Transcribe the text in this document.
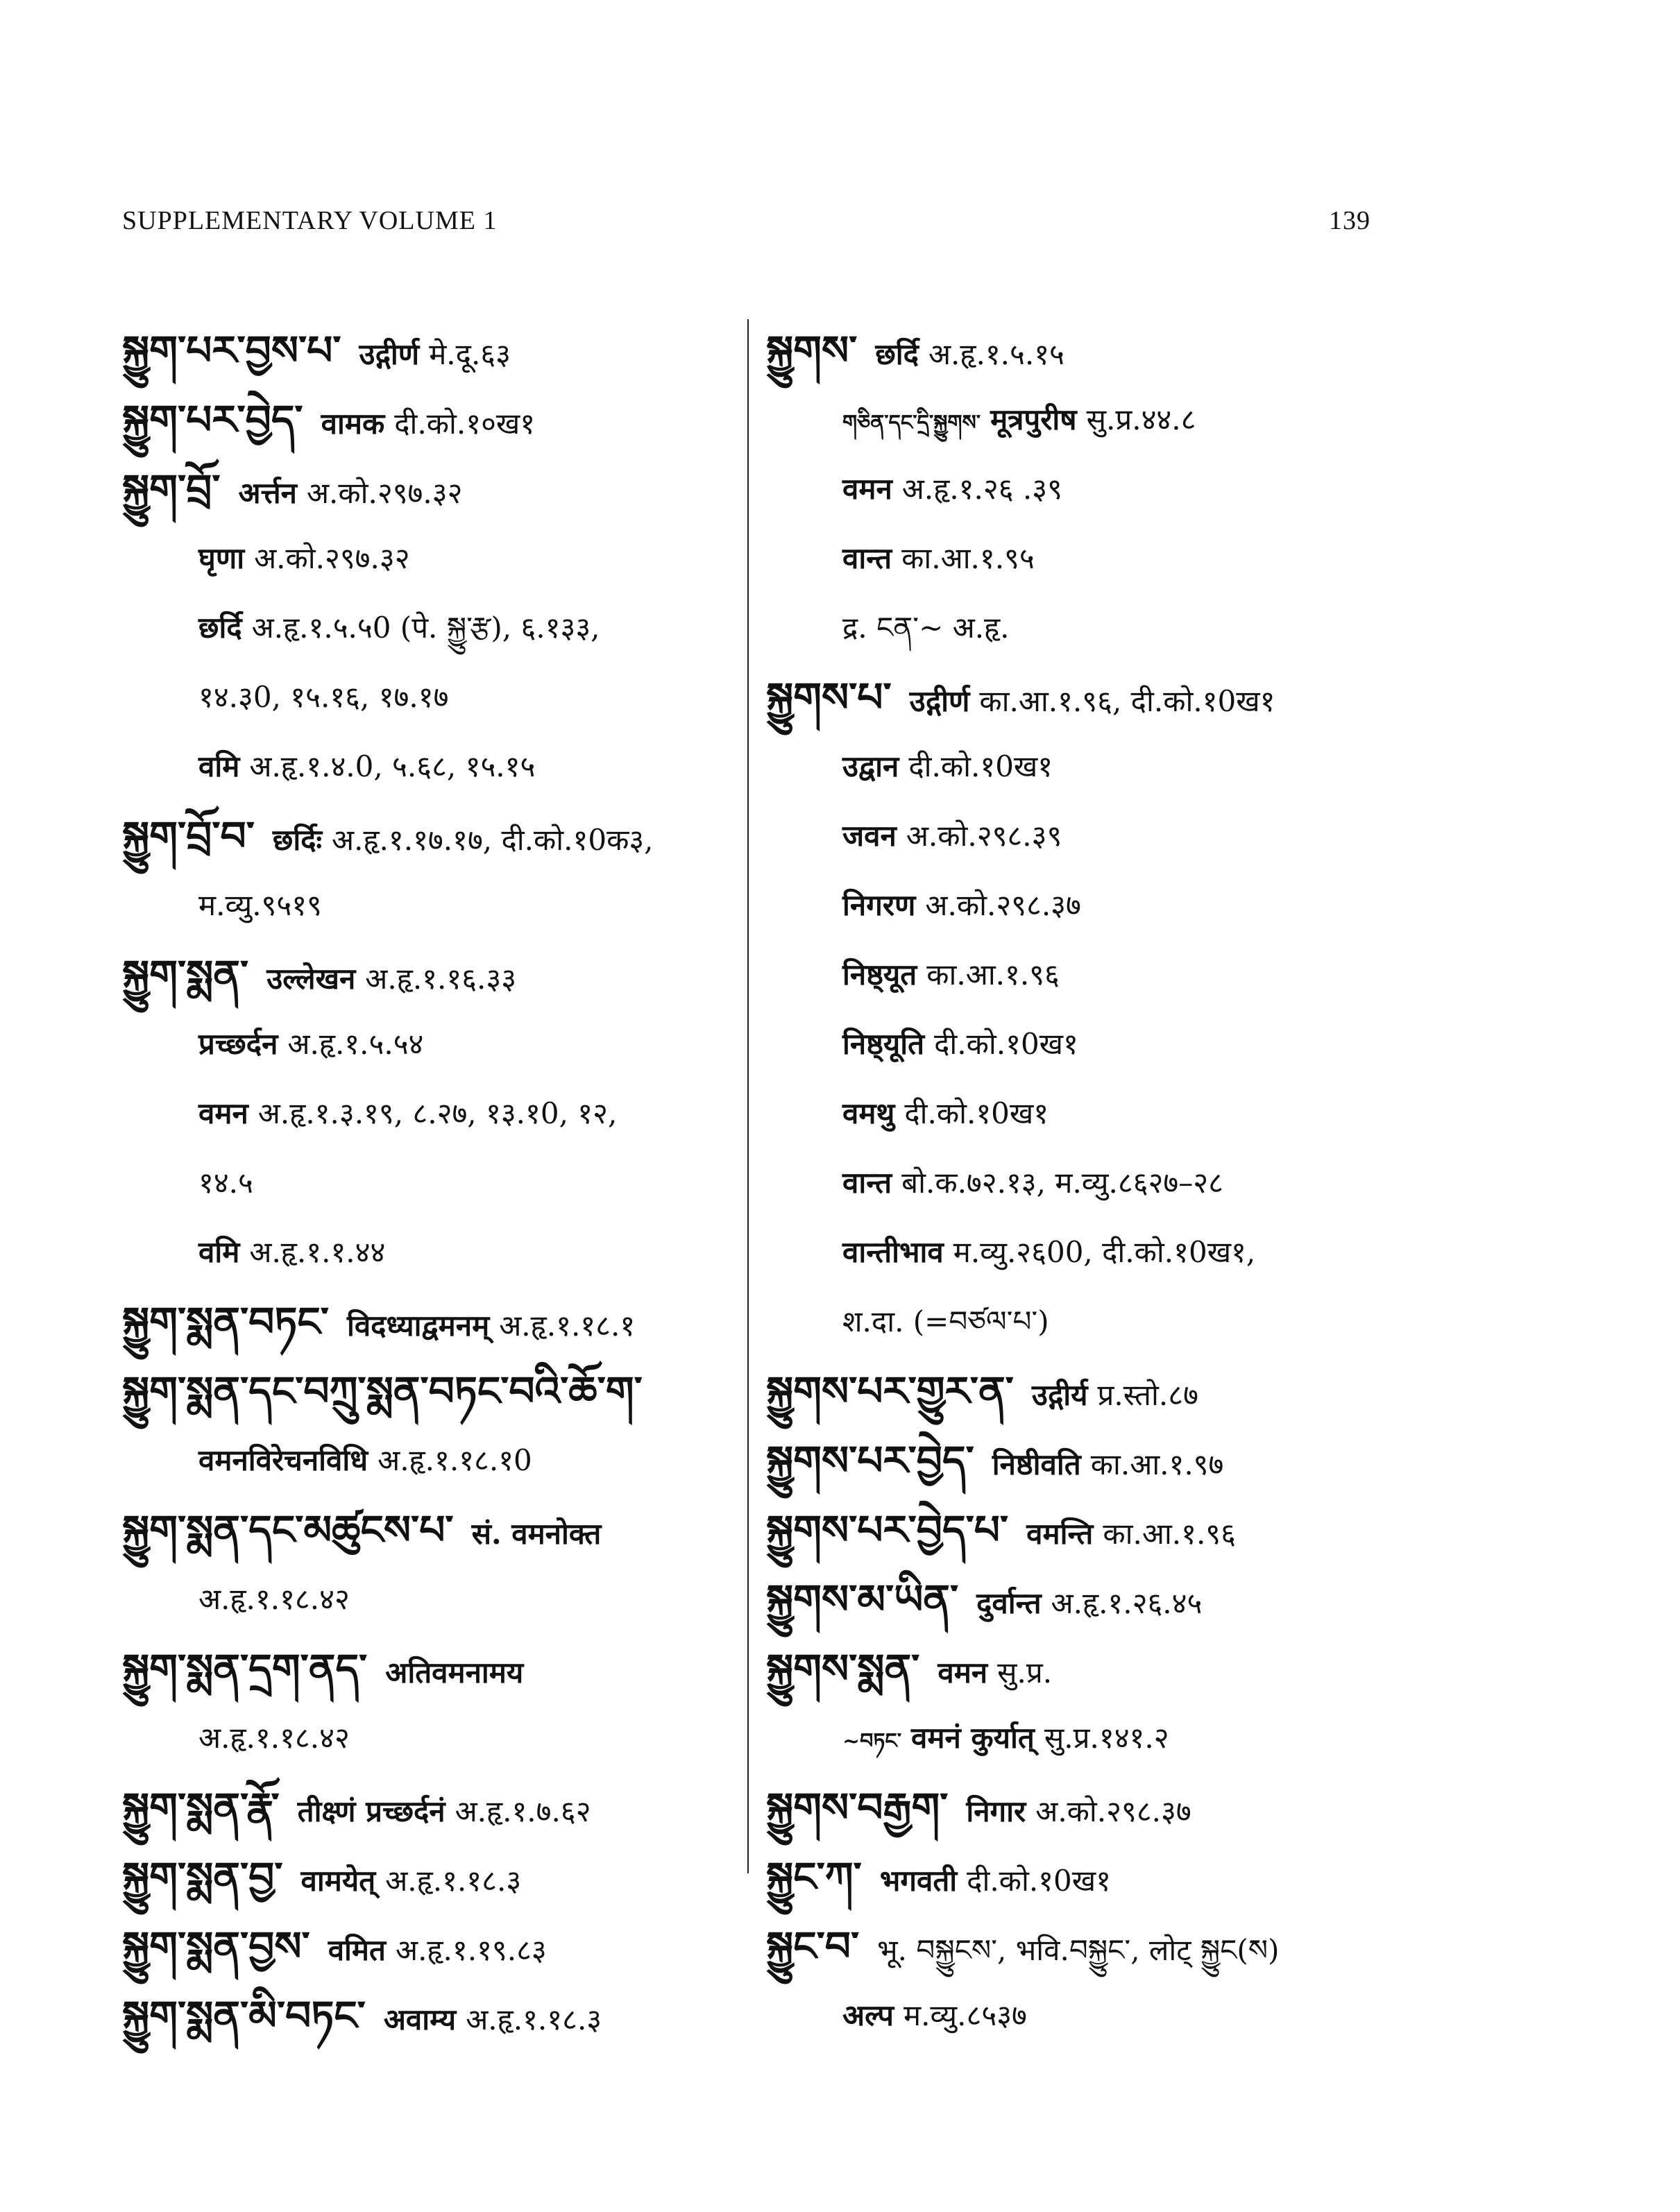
SUPPLEMENTARY VOLUME 1	139
སྐྱུག་པར་བྱས་པ་ उद्गीर्ण मे.दू.६३
སྐྱུག་པར་བྱེད་ वामक दी.को.१०ख१
སྐྱུག་བྲོ་ अर्त्तन अ.को.२९७.३२
घृणा अ.को.२९७.३२
छर्दि अ.हृ.१.५.५0 (पे. སྐྱུ་རྩ), ६.१३३,
१४.३0, १५.१६, १७.१७
वमि अ.हृ.१.४.0, ५.६८, १५.१५
སྐྱུག་བྲོ་བ་ छर्दिः अ.हृ.१.१७.१७, दी.को.१0क३,
म.व्यु.९५१९
སྐྱུག་སྨན་ उल्लेखन अ.हृ.१.१६.३३
प्रच्छर्दन अ.हृ.१.५.५४
वमन अ.हृ.१.३.१९, ८.२७, १३.१0, १२,
१४.५
वमि अ.हृ.१.१.४४
སྐྱུག་སྨན་བཏང་ विदध्याद्वमनम् अ.हृ.१.१८.१
སྐྱུག་སྨན་དང་བཀྲུ་སྨན་བཏང་བའི་ཆོ་ག་
वमनविरेचनविधि अ.हृ.१.१८.१0
སྐྱུག་སྨན་དང་མཚུངས་པ་ सं. वमनोक्त
अ.हृ.१.१८.४२
སྐྱུག་སྨན་དྲག་ནད་ अतिवमनामय
अ.हृ.१.१८.४२
སྐྱུག་སྨན་རྣོ་ तीक्ष्णं प्रच्छर्दनं अ.हृ.१.७.६२
སྐྱུག་སྨན་བྱ་ वामयेत् अ.हृ.१.१८.३
སྐྱུག་སྨན་བྱས་ वमित अ.हृ.१.१९.८३
སྐྱུག་སྨན་མི་བཏང་ अवाम्य अ.हृ.१.१८.३
སྐྱུགས་ छर्दि अ.हृ.१.५.१५
གཅིན་དང་དྲི་སྐྱུགས་ मूत्रपुरीष सु.प्र.४४.८
वमन अ.हृ.१.२६ .३९
वान्त का.आ.१.९५
द्र. ངན་~ अ.हृ.
སྐྱུགས་པ་ उद्गीर्ण का.आ.१.९६, दी.को.१0ख१
उद्वान दी.को.१0ख१
जवन अ.को.२९८.३९
निगरण अ.को.२९८.३७
निष्ठ्यूत का.आ.१.९६
निष्ठ्यूति दी.को.१0ख१
वमथु दी.को.१0ख१
वान्त बो.क.७२.१३, म.व्यु.८६२७–२८
वान्तीभाव म.व्यु.२६00, दी.को.१0ख१,
श.दा. (=བཙལ་པ་)
སྐྱུགས་པར་གྱུར་ན་ उद्गीर्य प्र.स्तो.८७
སྐྱུགས་པར་བྱེད་ निष्ठीवति का.आ.१.९७
སྐྱུགས་པར་བྱེད་པ་ वमन्ति का.आ.१.९६
སྐྱུགས་མ་ཡིན་ दुर्वान्त अ.हृ.१.२६.४५
སྐྱུགས་སྨན་ वमन सु.प्र.
~བཏང་ वमनं कुर्यात् सु.प्र.१४१.२
སྐྱུགས་བརྒྱག་ निगार अ.को.२९८.३७
སྐྱུང་ཀ་ भगवती दी.को.१0ख१
སྐྱུང་བ་ भू. བསྐྱུངས་, भवि.བསྐྱུང་, लोट् སྐྱུང(ས)
अल्प म.व्यु.८५३७
